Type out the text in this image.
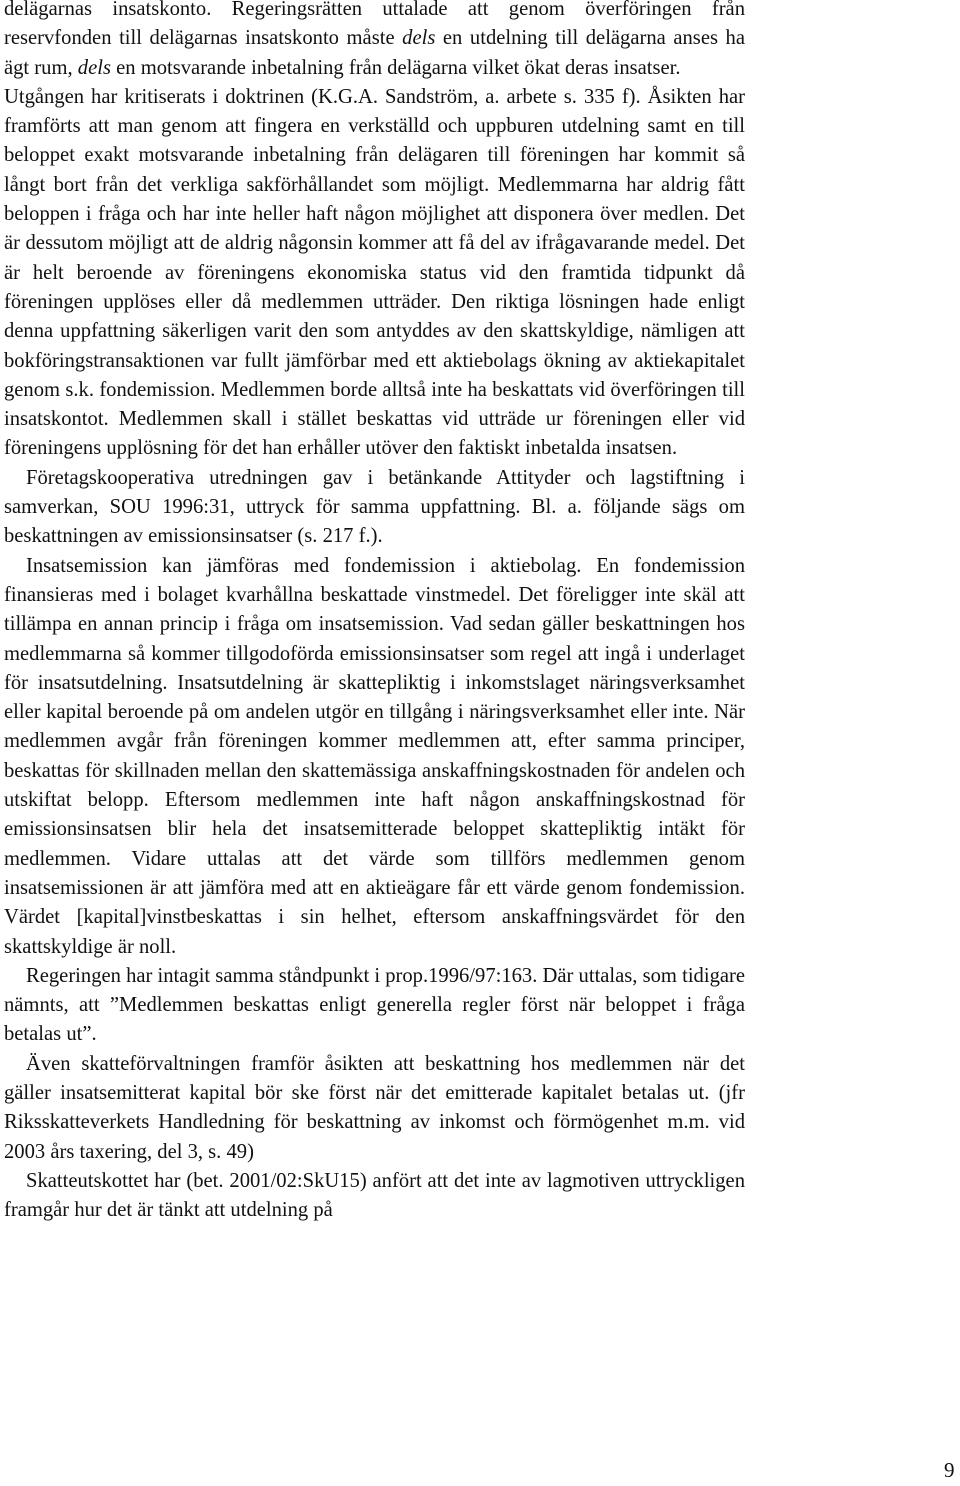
delägarnas insatskonto. Regeringsrätten uttalade att genom överföringen från reservfonden till delägarnas insatskonto måste dels en utdelning till delägarna anses ha ägt rum, dels en motsvarande inbetalning från delägarna vilket ökat deras insatser.

Utgången har kritiserats i doktrinen (K.G.A. Sandström, a. arbete s. 335 f). Åsikten har framförts att man genom att fingera en verkställd och uppburen utdelning samt en till beloppet exakt motsvarande inbetalning från delägaren till föreningen har kommit så långt bort från det verkliga sakförhållandet som möjligt. Medlemmarna har aldrig fått beloppen i fråga och har inte heller haft någon möjlighet att disponera över medlen. Det är dessutom möjligt att de aldrig någonsin kommer att få del av ifrågavarande medel. Det är helt beroende av föreningens ekonomiska status vid den framtida tidpunkt då föreningen upplöses eller då medlemmen utträder. Den riktiga lösningen hade enligt denna uppfattning säkerligen varit den som antyddes av den skattskyldige, nämligen att bokföringstransaktionen var fullt jämförbar med ett aktiebolags ökning av aktiekapitalet genom s.k. fondemission. Medlemmen borde alltså inte ha beskattats vid överföringen till insatskontot. Medlemmen skall i stället beskattas vid utträde ur föreningen eller vid föreningens upplösning för det han erhåller utöver den faktiskt inbetalda insatsen.

Företagskooperativa utredningen gav i betänkande Attityder och lagstiftning i samverkan, SOU 1996:31, uttryck för samma uppfattning. Bl. a. följande sägs om beskattningen av emissionsinsatser (s. 217 f.).

Insatsemission kan jämföras med fondemission i aktiebolag. En fondemission finansieras med i bolaget kvarhållna beskattade vinstmedel. Det föreligger inte skäl att tillämpa en annan princip i fråga om insatsemission. Vad sedan gäller beskattningen hos medlemmarna så kommer tillgodoförda emissionsinsatser som regel att ingå i underlaget för insatsutdelning. Insatsutdelning är skattepliktig i inkomstslaget näringsverksamhet eller kapital beroende på om andelen utgör en tillgång i näringsverksamhet eller inte. När medlemmen avgår från föreningen kommer medlemmen att, efter samma principer, beskattas för skillnaden mellan den skattemässiga anskaffningskostnaden för andelen och utskiftat belopp. Eftersom medlemmen inte haft någon anskaffningskostnad för emissionsinsatsen blir hela det insatsemitterade beloppet skattepliktig intäkt för medlemmen. Vidare uttalas att det värde som tillförs medlemmen genom insatsemissionen är att jämföra med att en aktieägare får ett värde genom fondemission. Värdet [kapital]vinstbeskattas i sin helhet, eftersom anskaffningsvärdet för den skattskyldige är noll.

Regeringen har intagit samma ståndpunkt i prop.1996/97:163. Där uttalas, som tidigare nämnts, att ”Medlemmen beskattas enligt generella regler först när beloppet i fråga betalas ut”.

Även skatteförvaltningen framför åsikten att beskattning hos medlemmen när det gäller insatsemitterat kapital bör ske först när det emitterade kapitalet betalas ut. (jfr Riksskatteverkets Handledning för beskattning av inkomst och förmögenhet m.m. vid 2003 års taxering, del 3, s. 49)

Skatteutskottet har (bet. 2001/02:SkU15) anfört att det inte av lagmotiven uttryckligen framgår hur det är tänkt att utdelning på

9
